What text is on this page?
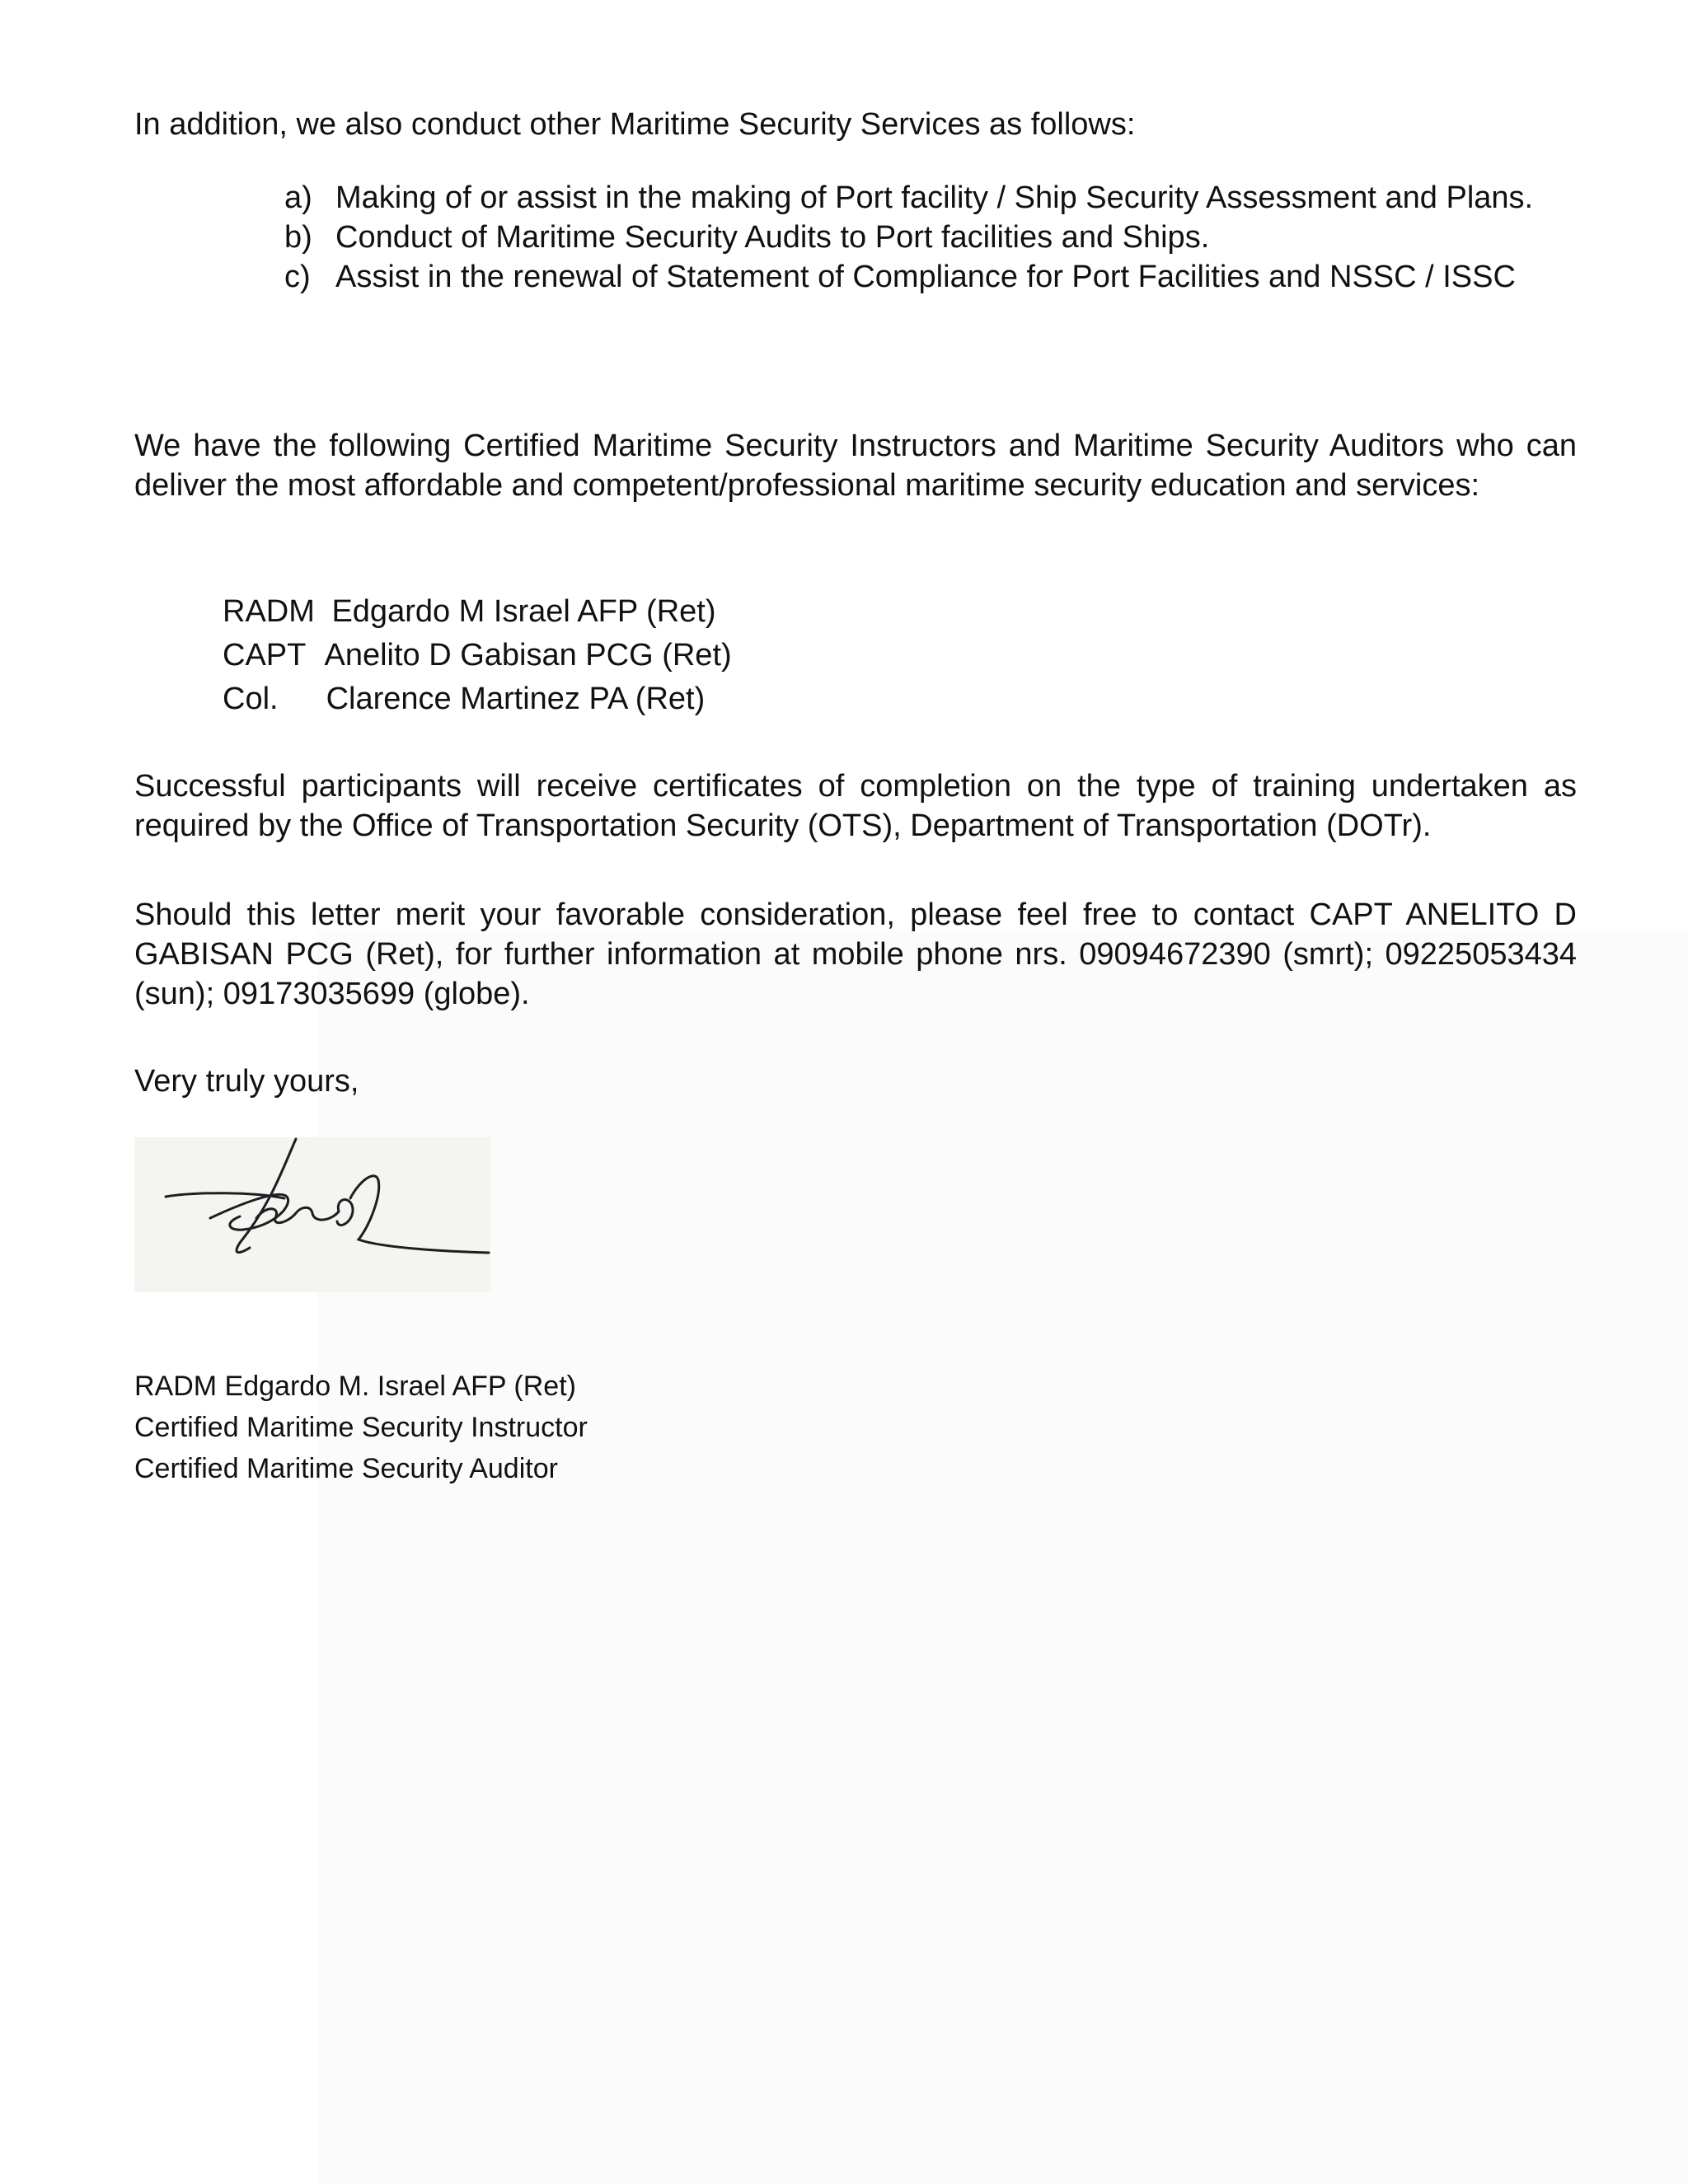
In addition, we also conduct other Maritime Security Services as follows:

a) Making of or assist in the making of Port facility / Ship Security Assessment and Plans.
b) Conduct of Maritime Security Audits to Port facilities and Ships.
c) Assist in the renewal of Statement of Compliance for Port Facilities and NSSC / ISSC

We have the following Certified Maritime Security Instructors and Maritime Security Auditors who can deliver the most affordable and competent/professional maritime security education and services:

RADM Edgardo M Israel AFP (Ret)
CAPT Anelito D Gabisan PCG (Ret)
Col. Clarence Martinez PA (Ret)

Successful participants will receive certificates of completion on the type of training undertaken as required by the Office of Transportation Security (OTS), Department of Transportation (DOTr).

Should this letter merit your favorable consideration, please feel free to contact CAPT ANELITO D GABISAN PCG (Ret), for further information at mobile phone nrs. 09094672390 (smrt); 09225053434 (sun); 09173035699 (globe).

Very truly yours,

RADM Edgardo M. Israel AFP (Ret)
Certified Maritime Security Instructor
Certified Maritime Security Auditor
